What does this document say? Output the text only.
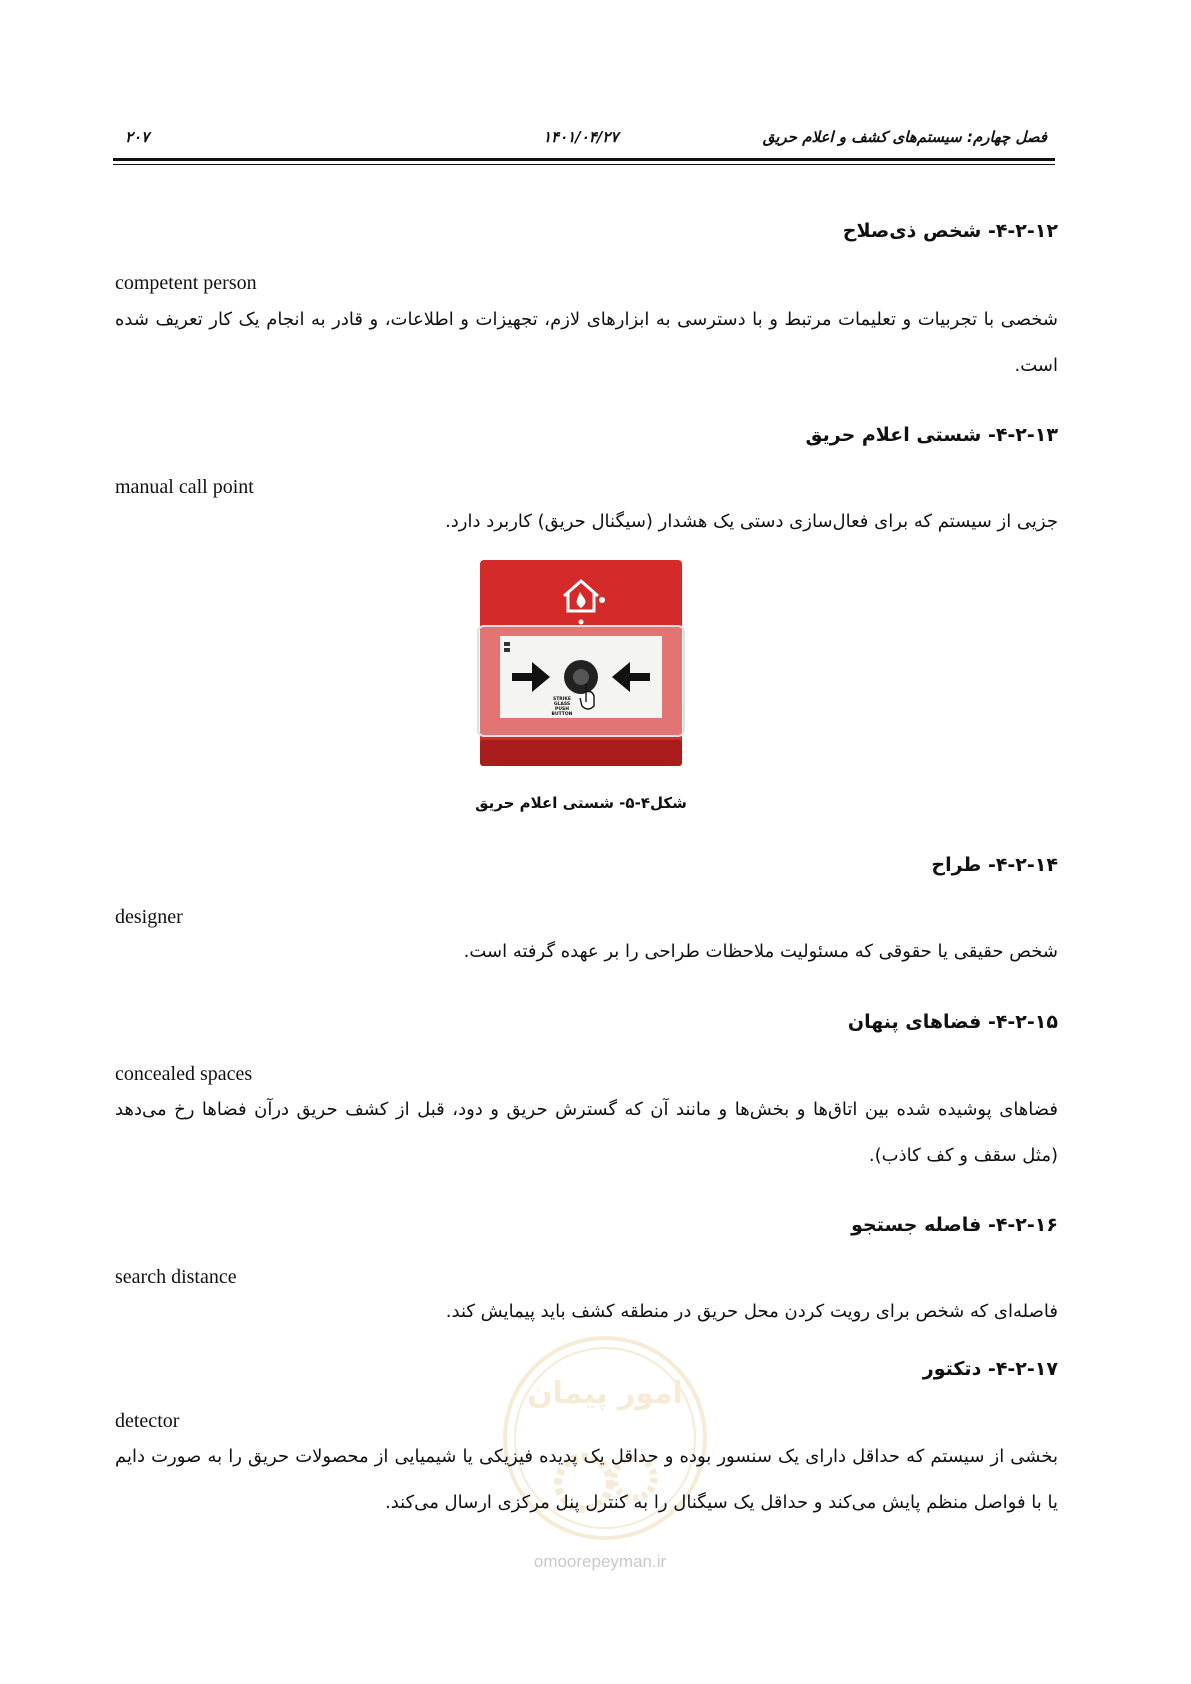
فصل چهارم: سیستم‌های کشف و اعلام حریق
۱۴۰۱/۰۴/۲۷
۲۰۷
۴-۲-۱۲- شخص ذی‌صلاح
competent person
شخصی با تجربیات و تعلیمات مرتبط و با دسترسی به ابزارهای لازم، تجهیزات و اطلاعات، و قادر به انجام یک کار تعریف شده است.
۴-۲-۱۳- شستی اعلام حریق
manual call point
جزیی از سیستم که برای فعال‌سازی دستی یک هشدار (سیگنال حریق) کاربرد دارد.
STRIKE
GLASS
PUSH
BUTTON
شکل۴-۵- شستی اعلام حریق
۴-۲-۱۴- طراح
designer
شخص حقیقی یا حقوقی که مسئولیت ملاحظات طراحی را بر عهده گرفته است.
۴-۲-۱۵- فضاهای پنهان
concealed spaces
فضاهای پوشیده شده بین اتاق‌ها و بخش‌ها و مانند آن که گسترش حریق و دود، قبل از کشف حریق درآن فضاها رخ می‌دهد (مثل سقف و کف کاذب).
۴-۲-۱۶- فاصله جستجو
search distance
فاصله‌ای که شخص برای رویت کردن محل حریق در منطقه کشف باید پیمایش کند.
امور پیمان
۴-۲-۱۷- دتکتور
detector
بخشی از سیستم که حداقل دارای یک سنسور بوده و حداقل یک پدیده فیزیکی یا شیمیایی از محصولات حریق را به صورت دایم یا با فواصل منظم پایش می‌کند و حداقل یک سیگنال را به کنترل پنل مرکزی ارسال می‌کند.
omoorepeyman.ir
